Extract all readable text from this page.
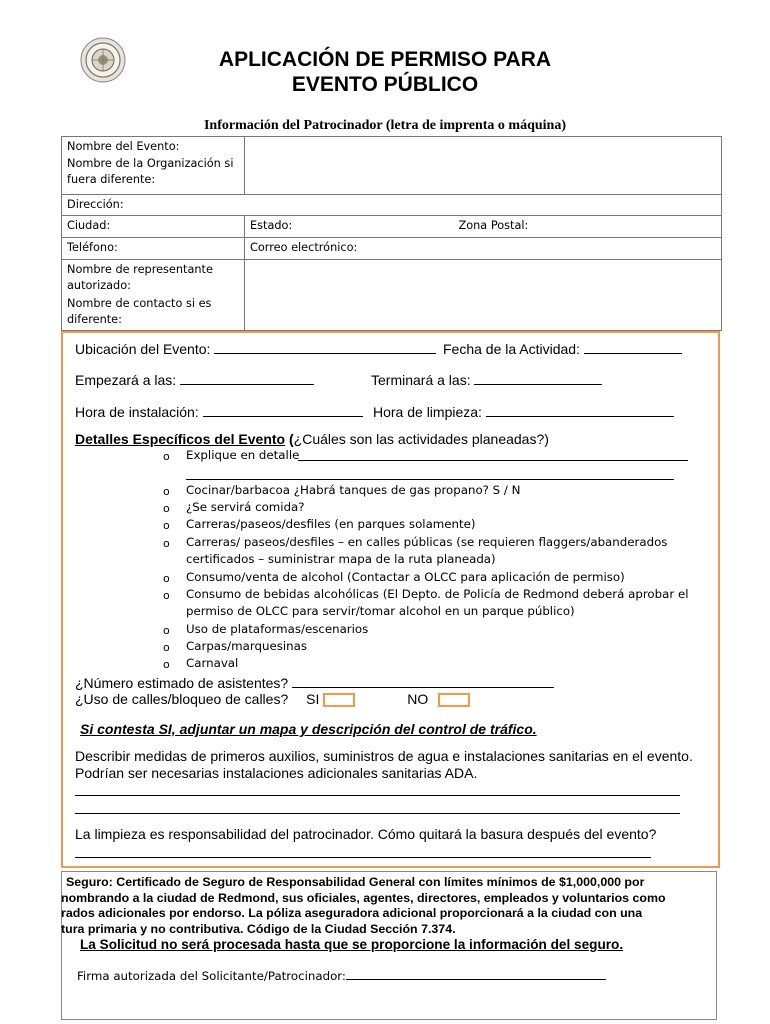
APLICACIÓN DE PERMISO PARA
EVENTO PÚBLICO
Información del Patrocinador (letra de imprenta o máquina)
Nombre del Evento:
Nombre de la Organización si fuera diferente:	

Dirección:	
Ciudad:	Estado: Zona Postal:

Teléfono:	Correo electrónico:

Nombre de representante autorizado:
Nombre de contacto si es diferente:	

Ubicación del Evento:	Fecha de la Actividad:
Empezará a las:	Terminará a las:
Hora de instalación:	Hora de limpieza:
Detalles Específicos del Evento (¿Cuáles son las actividades planeadas?)
o Explique en detalle
o Cocinar/barbacoa ¿Habrá tanques de gas propano? S / N
o ¿Se servirá comida?
o Carreras/paseos/desfiles (en parques solamente)
o Carreras/ paseos/desfiles – en calles públicas (se requieren flaggers/abanderados
certificados – suministrar mapa de la ruta planeada)
o Consumo/venta de alcohol (Contactar a OLCC para aplicación de permiso)
o Consumo de bebidas alcohólicas (El Depto. de Policía de Redmond deberá aprobar el
permiso de OLCC para servir/tomar alcohol en un parque público)
o Uso de plataformas/escenarios
o Carpas/marquesinas
o Carnaval
¿Número estimado de asistentes?
¿Uso de calles/bloqueo de calles? SI	NO
Si contesta SI, adjuntar un mapa y descripción del control de tráfico.
Describir medidas de primeros auxilios, suministros de agua e instalaciones sanitarias en el evento.
Podrían ser necesarias instalaciones adicionales sanitarias ADA.
La limpieza es responsabilidad del patrocinador. Cómo quitará la basura después del evento?
Seguro: Certificado de Seguro de Responsabilidad General con límites mínimos de $1,000,000 por
nombrando a la ciudad de Redmond, sus oficiales, agentes, directores, empleados y voluntarios como
rados adicionales por endorso. La póliza aseguradora adicional proporcionará a la ciudad con una
tura primaria y no contributiva. Código de la Ciudad Sección 7.374.
La Solicitud no será procesada hasta que se proporcione la información del seguro.
Firma autorizada del Solicitante/Patrocinador:
